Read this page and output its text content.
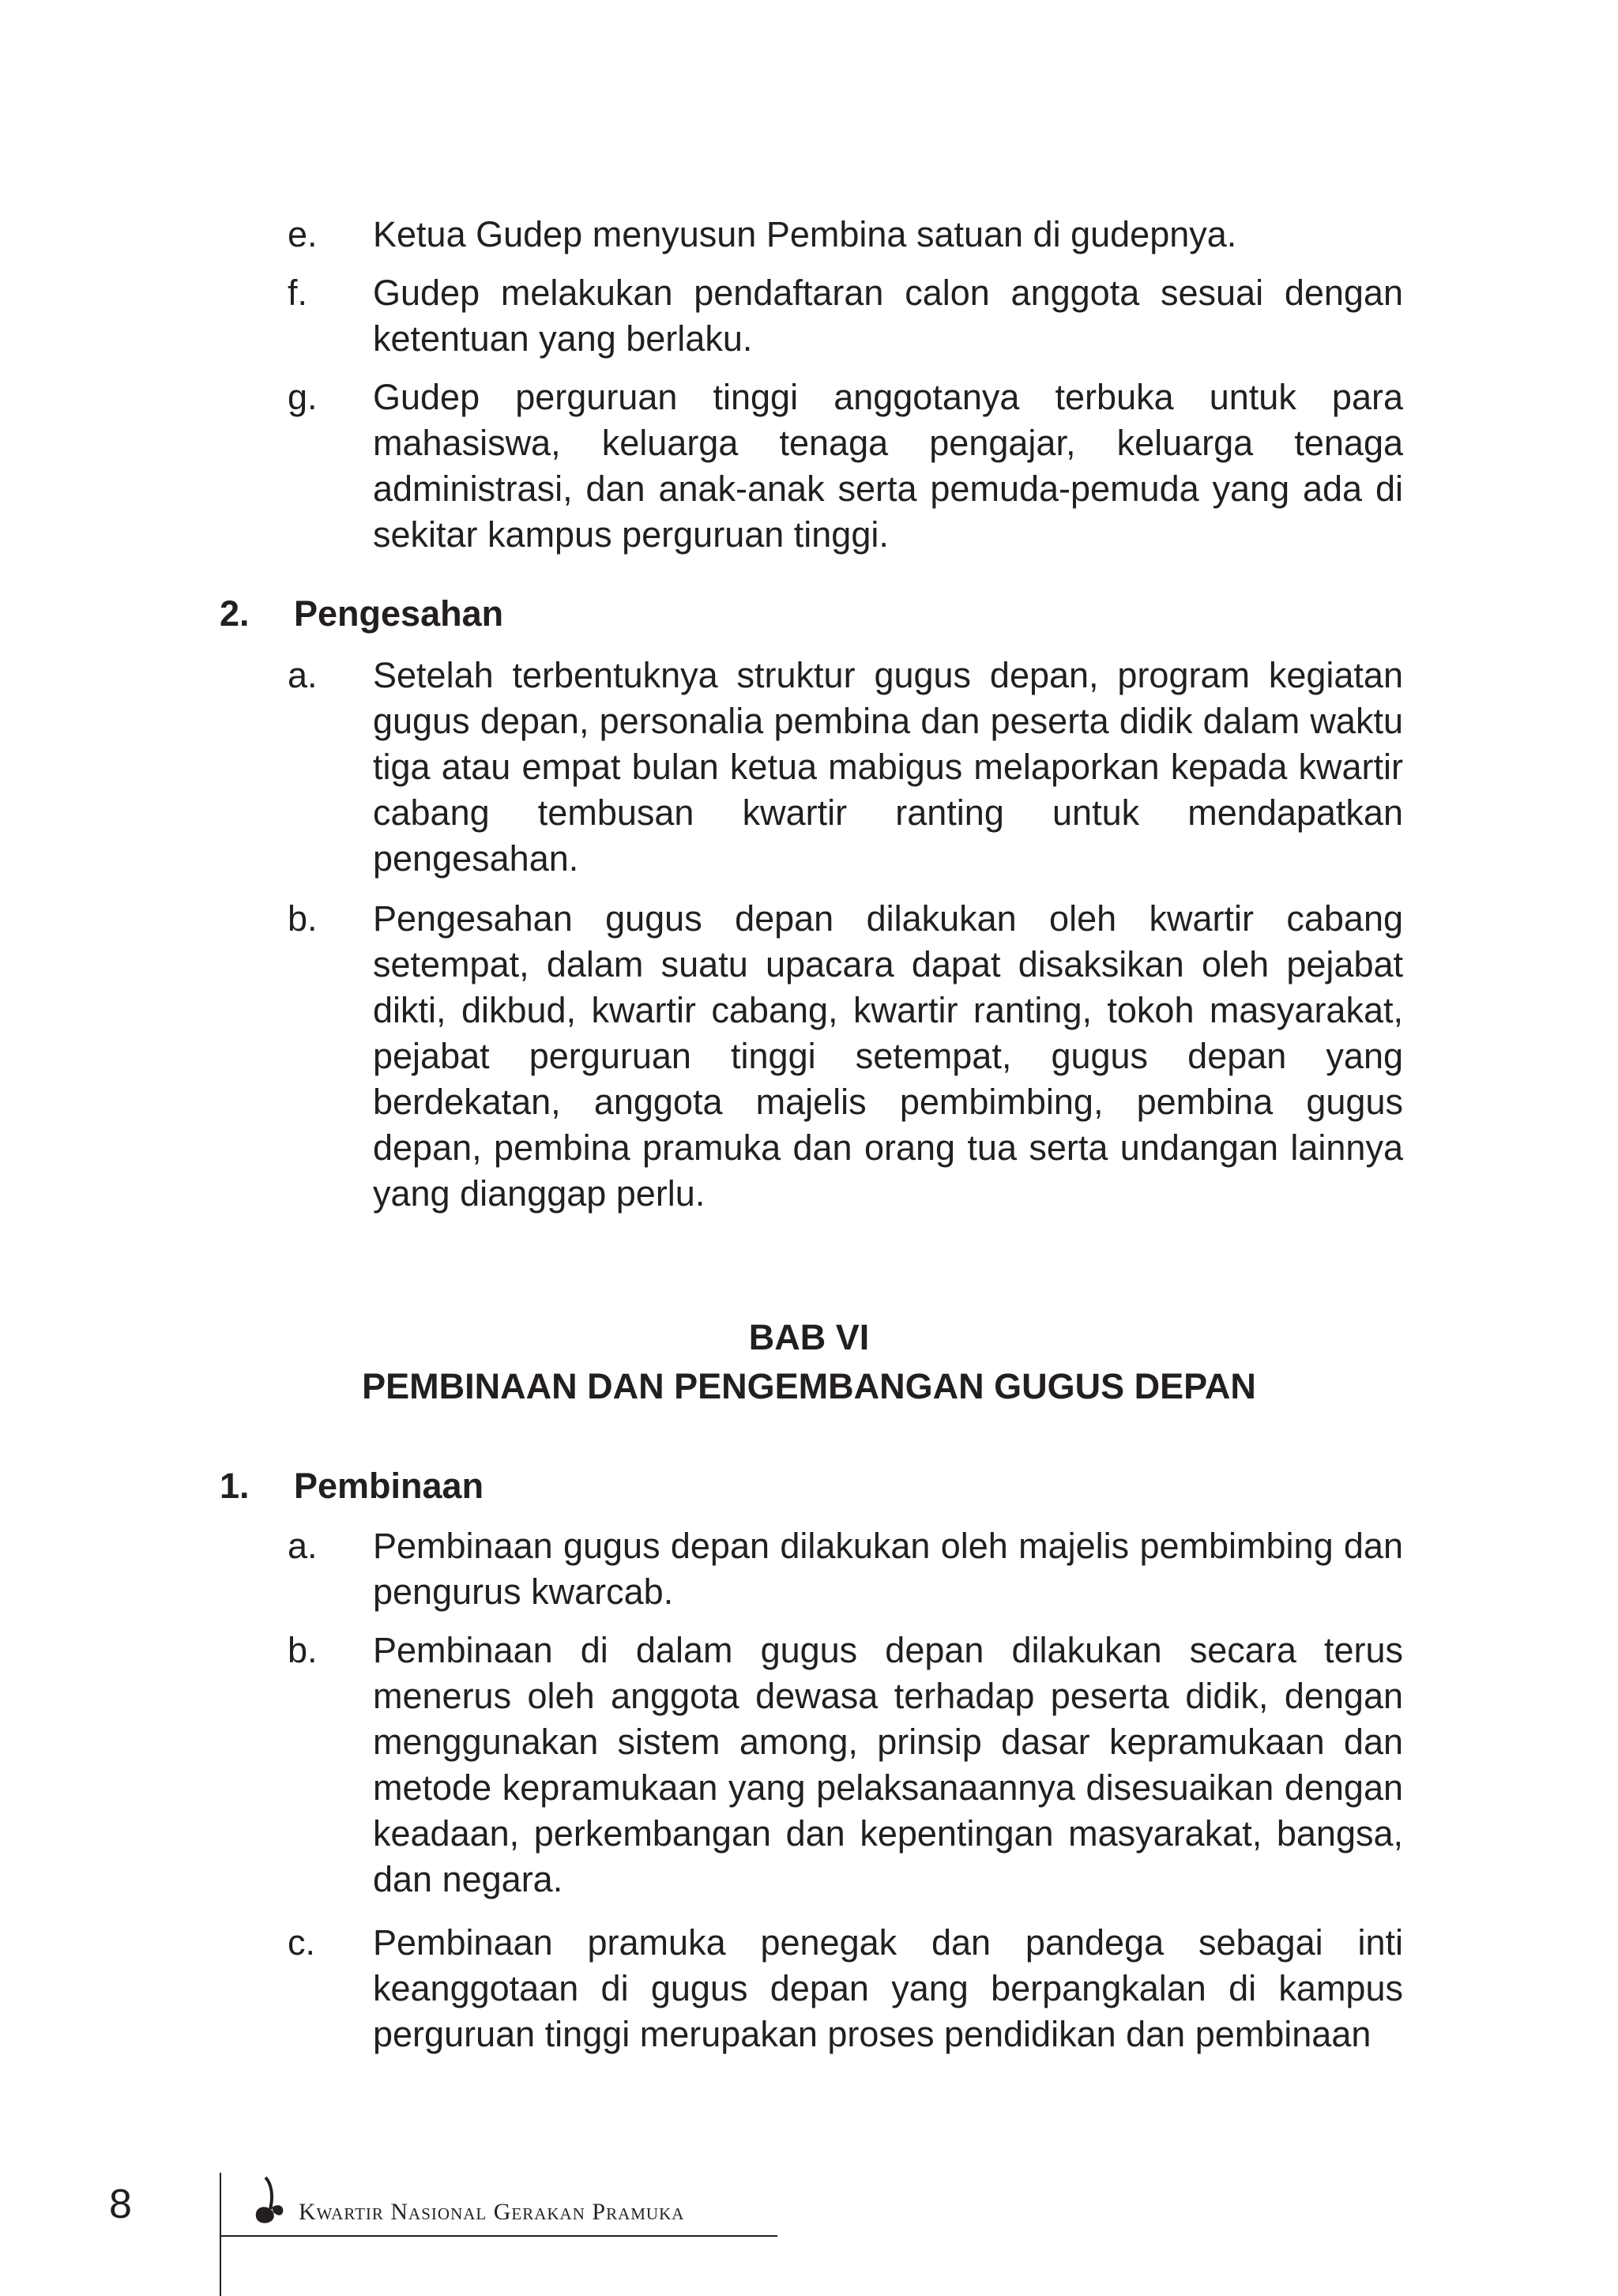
e. Ketua Gudep menyusun Pembina satuan di gudepnya.
f. Gudep melakukan pendaftaran calon anggota sesuai dengan ketentuan yang berlaku.
g. Gudep perguruan tinggi anggotanya terbuka untuk para mahasiswa, keluarga tenaga pengajar, keluarga tenaga administrasi, dan anak-anak serta pemuda-pemuda yang ada di sekitar kampus perguruan tinggi.
2. Pengesahan
a. Setelah terbentuknya struktur gugus depan, program kegiatan gugus depan, personalia pembina dan peserta didik dalam waktu tiga atau empat bulan ketua mabigus melaporkan kepada kwartir cabang tembusan kwartir ranting untuk mendapatkan pengesahan.
b. Pengesahan gugus depan dilakukan oleh kwartir cabang setempat, dalam suatu upacara dapat disaksikan oleh pejabat dikti, dikbud, kwartir cabang, kwartir ranting, tokoh masyarakat, pejabat perguruan tinggi setempat, gugus depan yang berdekatan, anggota majelis pembimbing, pembina gugus depan, pembina pramuka dan orang tua serta undangan lainnya yang dianggap perlu.
BAB VI
PEMBINAAN DAN PENGEMBANGAN GUGUS DEPAN
1. Pembinaan
a. Pembinaan gugus depan dilakukan oleh majelis pembimbing dan pengurus kwarcab.
b. Pembinaan di dalam gugus depan dilakukan secara terus menerus oleh anggota dewasa terhadap peserta didik, dengan menggunakan sistem among, prinsip dasar kepramukaan dan metode kepramukaan yang pelaksanaannya disesuaikan dengan keadaan, perkembangan dan kepentingan masyarakat, bangsa, dan negara.
c. Pembinaan pramuka penegak dan pandega sebagai inti keanggotaan di gugus depan yang berpangkalan di kampus perguruan tinggi merupakan proses pendidikan dan pembinaan
8	Kwartir Nasional Gerakan Pramuka
